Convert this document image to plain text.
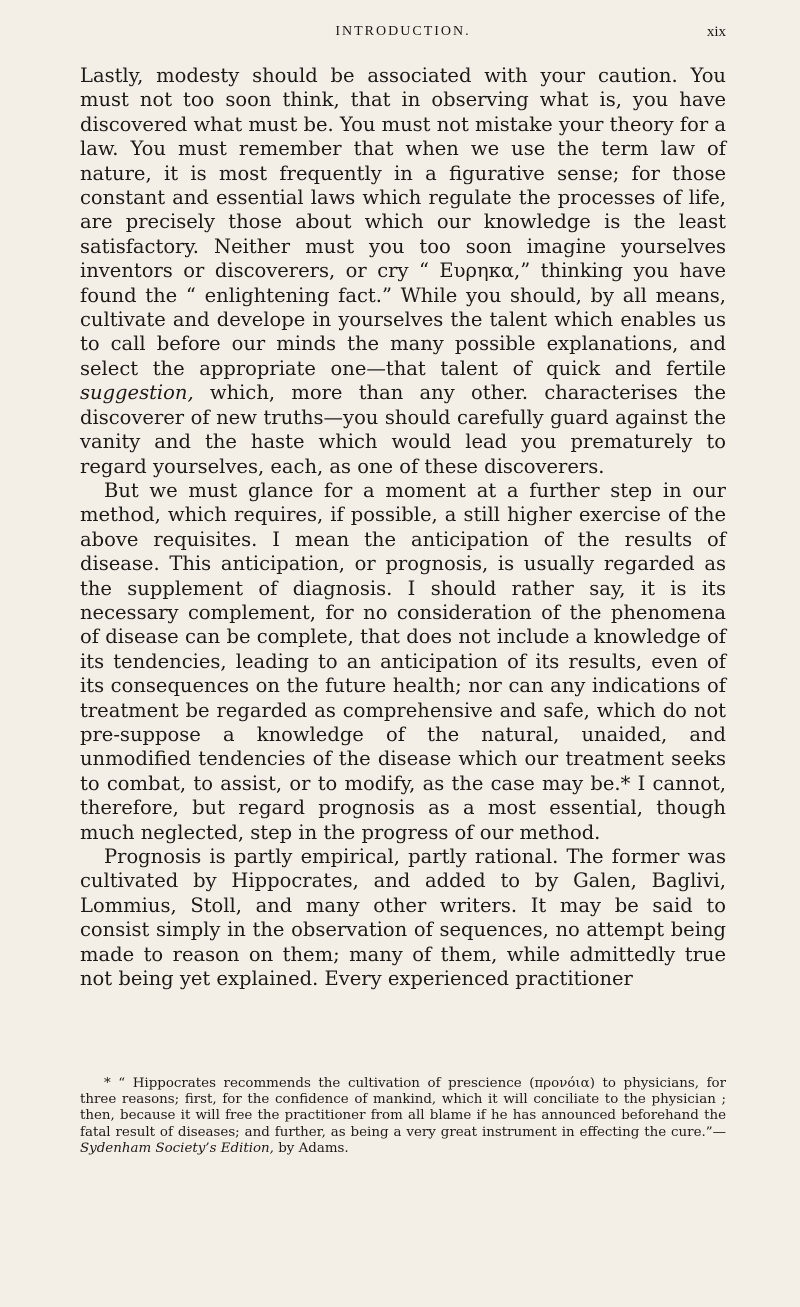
INTRODUCTION.	xix

Lastly, modesty should be associated with your caution. You must not too soon think, that in observing what is, you have discovered what must be. You must not mistake your theory for a law. You must remember that when we use the term law of nature, it is most frequently in a figurative sense; for those constant and essential laws which regulate the processes of life, are precisely those about which our knowledge is the least satisfactory. Neither must you too soon imagine yourselves inventors or discoverers, or cry “ Ευρηκα,” thinking you have found the “ enlightening fact.” While you should, by all means, cultivate and develope in yourselves the talent which enables us to call before our minds the many possible explanations, and select the appropriate one—that talent of quick and fertile suggestion, which, more than any other. characterises the discoverer of new truths—you should carefully guard against the vanity and the haste which would lead you prematurely to regard yourselves, each, as one of these discoverers.

But we must glance for a moment at a further step in our method, which requires, if possible, a still higher exercise of the above requisites. I mean the anticipation of the results of disease. This anticipation, or prognosis, is usually regarded as the supplement of diagnosis. I should rather say, it is its necessary complement, for no consideration of the phenomena of disease can be complete, that does not include a knowledge of its tendencies, leading to an anticipation of its results, even of its consequences on the future health; nor can any indications of treatment be regarded as comprehensive and safe, which do not pre-suppose a knowledge of the natural, unaided, and unmodified tendencies of the disease which our treatment seeks to combat, to assist, or to modify, as the case may be.* I cannot, therefore, but regard prognosis as a most essential, though much neglected, step in the progress of our method.

Prognosis is partly empirical, partly rational. The former was cultivated by Hippocrates, and added to by Galen, Baglivi, Lommius, Stoll, and many other writers. It may be said to consist simply in the observation of sequences, no attempt being made to reason on them; many of them, while admittedly true not being yet explained. Every experienced practitioner

* “ Hippocrates recommends the cultivation of prescience (προνόια) to physicians, for three reasons; first, for the confidence of mankind, which it will conciliate to the physician ; then, because it will free the practitioner from all blame if he has announced beforehand the fatal result of diseases; and further, as being a very great instrument in effecting the cure.”—Sydenham Society’s Edition, by Adams.
